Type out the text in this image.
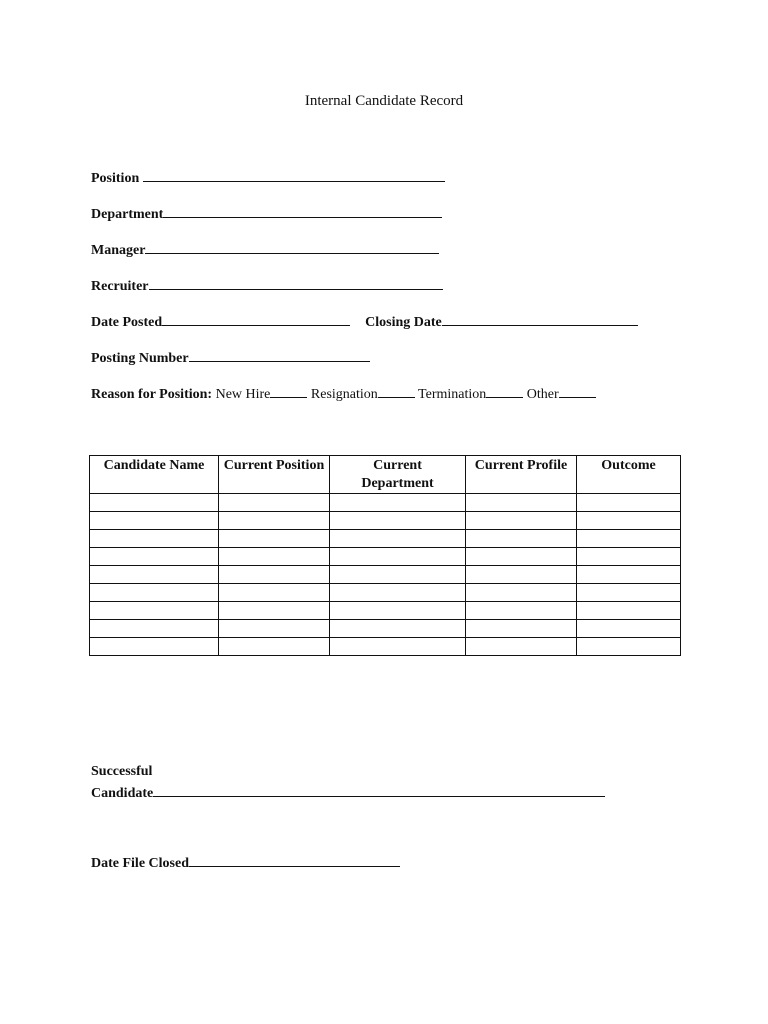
Internal Candidate Record
Position
Department
Manager
Recruiter
Date Posted	Closing Date
Posting Number
Reason for Position: New Hire	Resignation	Termination	Other
Candidate Name	Current Position	Current Department	Current Profile	Outcome

Successful
Candidate
Date File Closed
